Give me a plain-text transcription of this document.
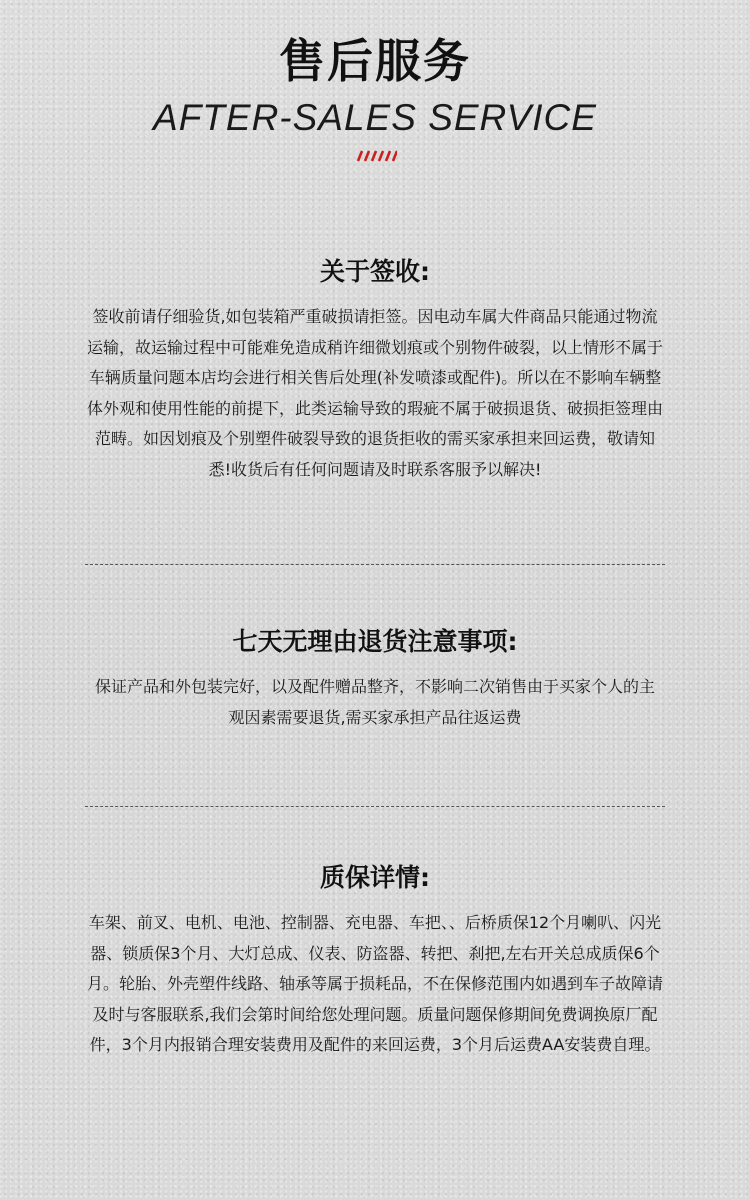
售后服务
AFTER-SALES SERVICE
关于签收:

签收前请仔细验货,如包装箱严重破损请拒签。因电动车属大件商品只能通过物流运输，故运输过程中可能难免造成稍许细微划痕或个别物件破裂，以上情形不属于车辆质量问题本店均会进行相关售后处理(补发喷漆或配件)。所以在不影响车辆整体外观和使用性能的前提下，此类运输导致的瑕疵不属于破损退货、破损拒签理由范畴。如因划痕及个别塑件破裂导致的退货拒收的需买家承担来回运费，敬请知悉!收货后有任何问题请及时联系客服予以解决!

七天无理由退货注意事项:

保证产品和外包装完好，以及配件赠品整齐，不影响二次销售由于买家个人的主观因素需要退货,需买家承担产品往返运费

质保详情:

车架、前叉、电机、电池、控制器、充电器、车把、、后桥质保12个月喇叭、闪光器、锁质保3个月、大灯总成、仪表、防盗器、转把、刹把,左右开关总成质保6个月。轮胎、外壳塑件线路、轴承等属于损耗品，不在保修范围内如遇到车子故障请及时与客服联系,我们会第时间给您处理问题。质量问题保修期间免费调换原厂配件，3个月内报销合理安装费用及配件的来回运费，3个月后运费AA安装费自理。
